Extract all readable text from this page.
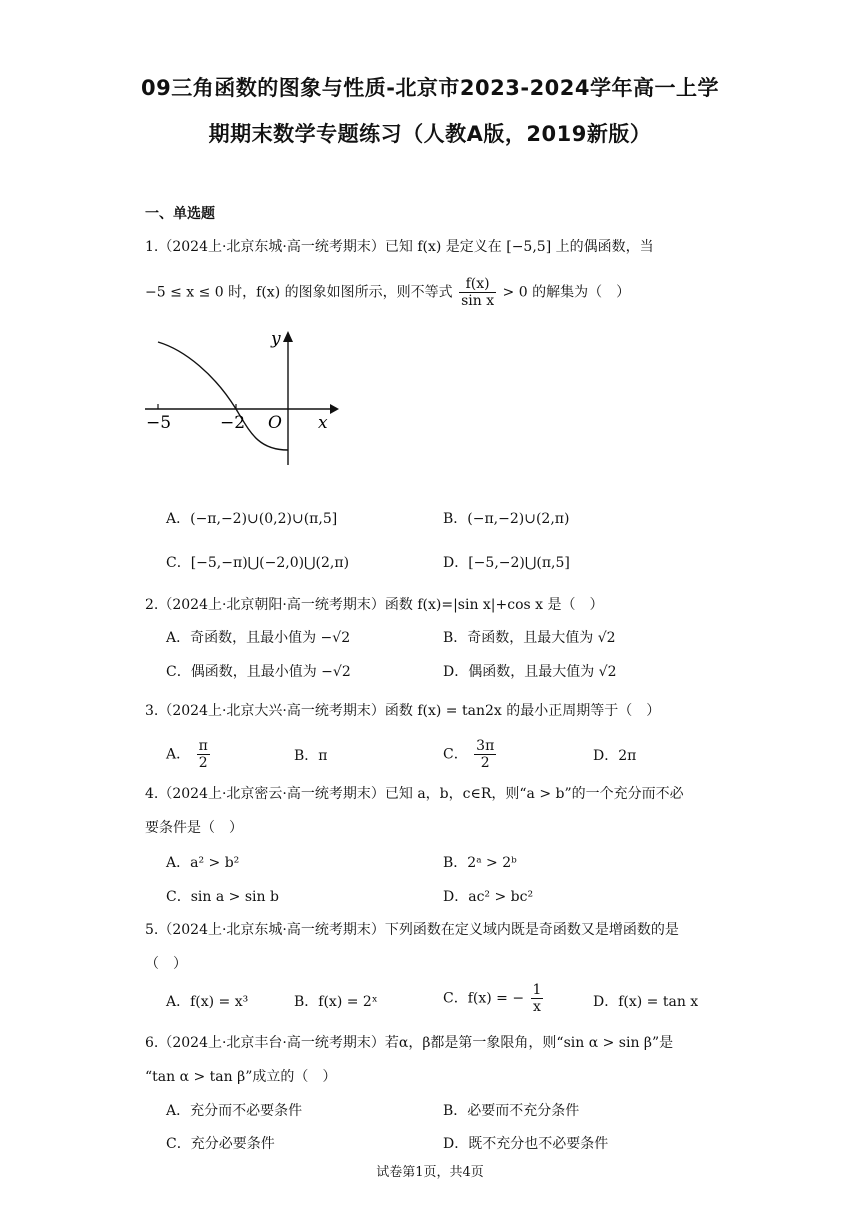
09三角函数的图象与性质-北京市2023-2024学年高一上学
期期末数学专题练习（人教A版，2019新版）
一、单选题
1.（2024上·北京东城·高一统考期末）已知 f(x) 是定义在 [−5,5] 上的偶函数，当
−5 ≤ x ≤ 0 时，f(x) 的图象如图所示，则不等式 $\frac{f(x)}{\text{sin x}} > 0$ 的解集为（　）
y
x
O
−5	−2
A．(−π,−2)∪(0,2)∪(π,5]	B．(−π,−2)∪(2,π)
C．[−5,−π)⋃(−2,0)⋃(2,π)	D．[−5,−2)⋃(π,5]
2.（2024上·北京朝阳·高一统考期末）函数 f(x)=|sin x|+cos x 是（　）
A．奇函数，且最小值为 −√2	B．奇函数，且最大值为 √2
C．偶函数，且最小值为 −√2	D．偶函数，且最大值为 √2
3.（2024上·北京大兴·高一统考期末）函数 f(x) = tan2x 的最小正周期等于（　）
A． $\frac{\pi}{2}$	B．π	C． $\frac{3\pi}{2}$	D．2π
4.（2024上·北京密云·高一统考期末）已知 a，b，c∈R，则“a > b”的一个充分而不必
要条件是（　）
A．a² > b²	B．2ᵃ > 2ᵇ
C．sin a > sin b	D．ac² > bc²
5.（2024上·北京东城·高一统考期末）下列函数在定义域内既是奇函数又是增函数的是
（　）
A．f(x) = x³	B．f(x) = 2ˣ	C．f(x) = − $\frac{1}{x}$	D．f(x) = tan x
6.（2024上·北京丰台·高一统考期末）若α，β都是第一象限角，则“sin α > sin β”是
“tan α > tan β”成立的（　）
A．充分而不必要条件	B．必要而不充分条件
C．充分必要条件	D．既不充分也不必要条件
试卷第1页，共4页
